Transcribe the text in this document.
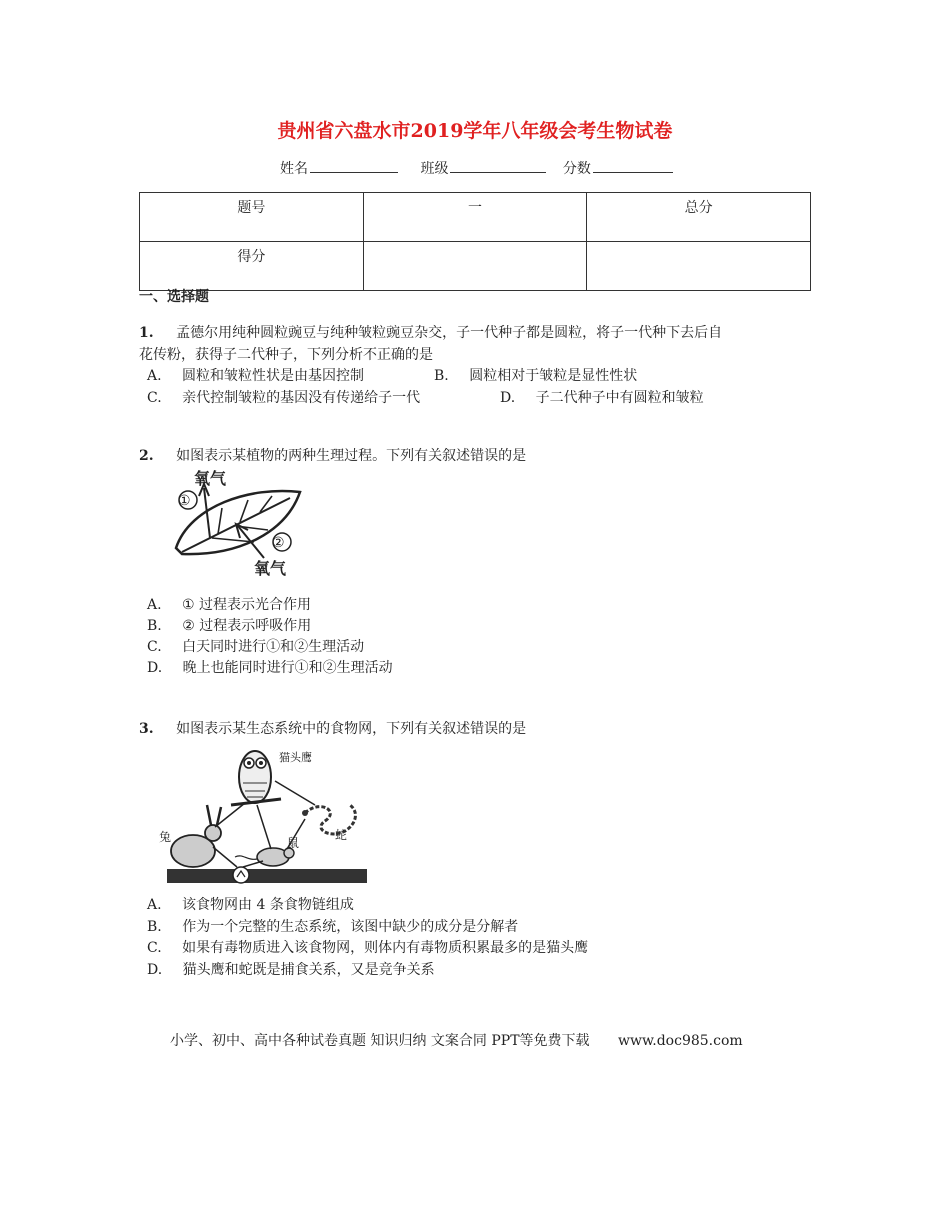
贵州省六盘水市2019学年八年级会考生物试卷
姓名	班级	分数
题号	一	总分
得分		
一、选择题
1. 孟德尔用纯种圆粒豌豆与纯种皱粒豌豆杂交，子一代种子都是圆粒，将子一代种下去后自
花传粉，获得子二代种子，下列分析不正确的是
A. 圆粒和皱粒性状是由基因控制	B. 圆粒相对于皱粒是显性性状
C. 亲代控制皱粒的基因没有传递给子一代	D. 子二代种子中有圆粒和皱粒
2. 如图表示某植物的两种生理过程。下列有关叙述错误的是
氧气
氧气
①
②
A. ① 过程表示光合作用
B. ② 过程表示呼吸作用
C. 白天同时进行①和②生理活动
D. 晚上也能同时进行①和②生理活动
3. 如图表示某生态系统中的食物网，下列有关叙述错误的是
猫头鹰
兔	蛇
鼠
A. 该食物网由 4 条食物链组成
B. 作为一个完整的生态系统，该图中缺少的成分是分解者
C. 如果有毒物质进入该食物网，则体内有毒物质积累最多的是猫头鹰
D. 猫头鹰和蛇既是捕食关系，又是竞争关系
小学、初中、高中各种试卷真题 知识归纳 文案合同 PPT等免费下载 www.doc985.com
